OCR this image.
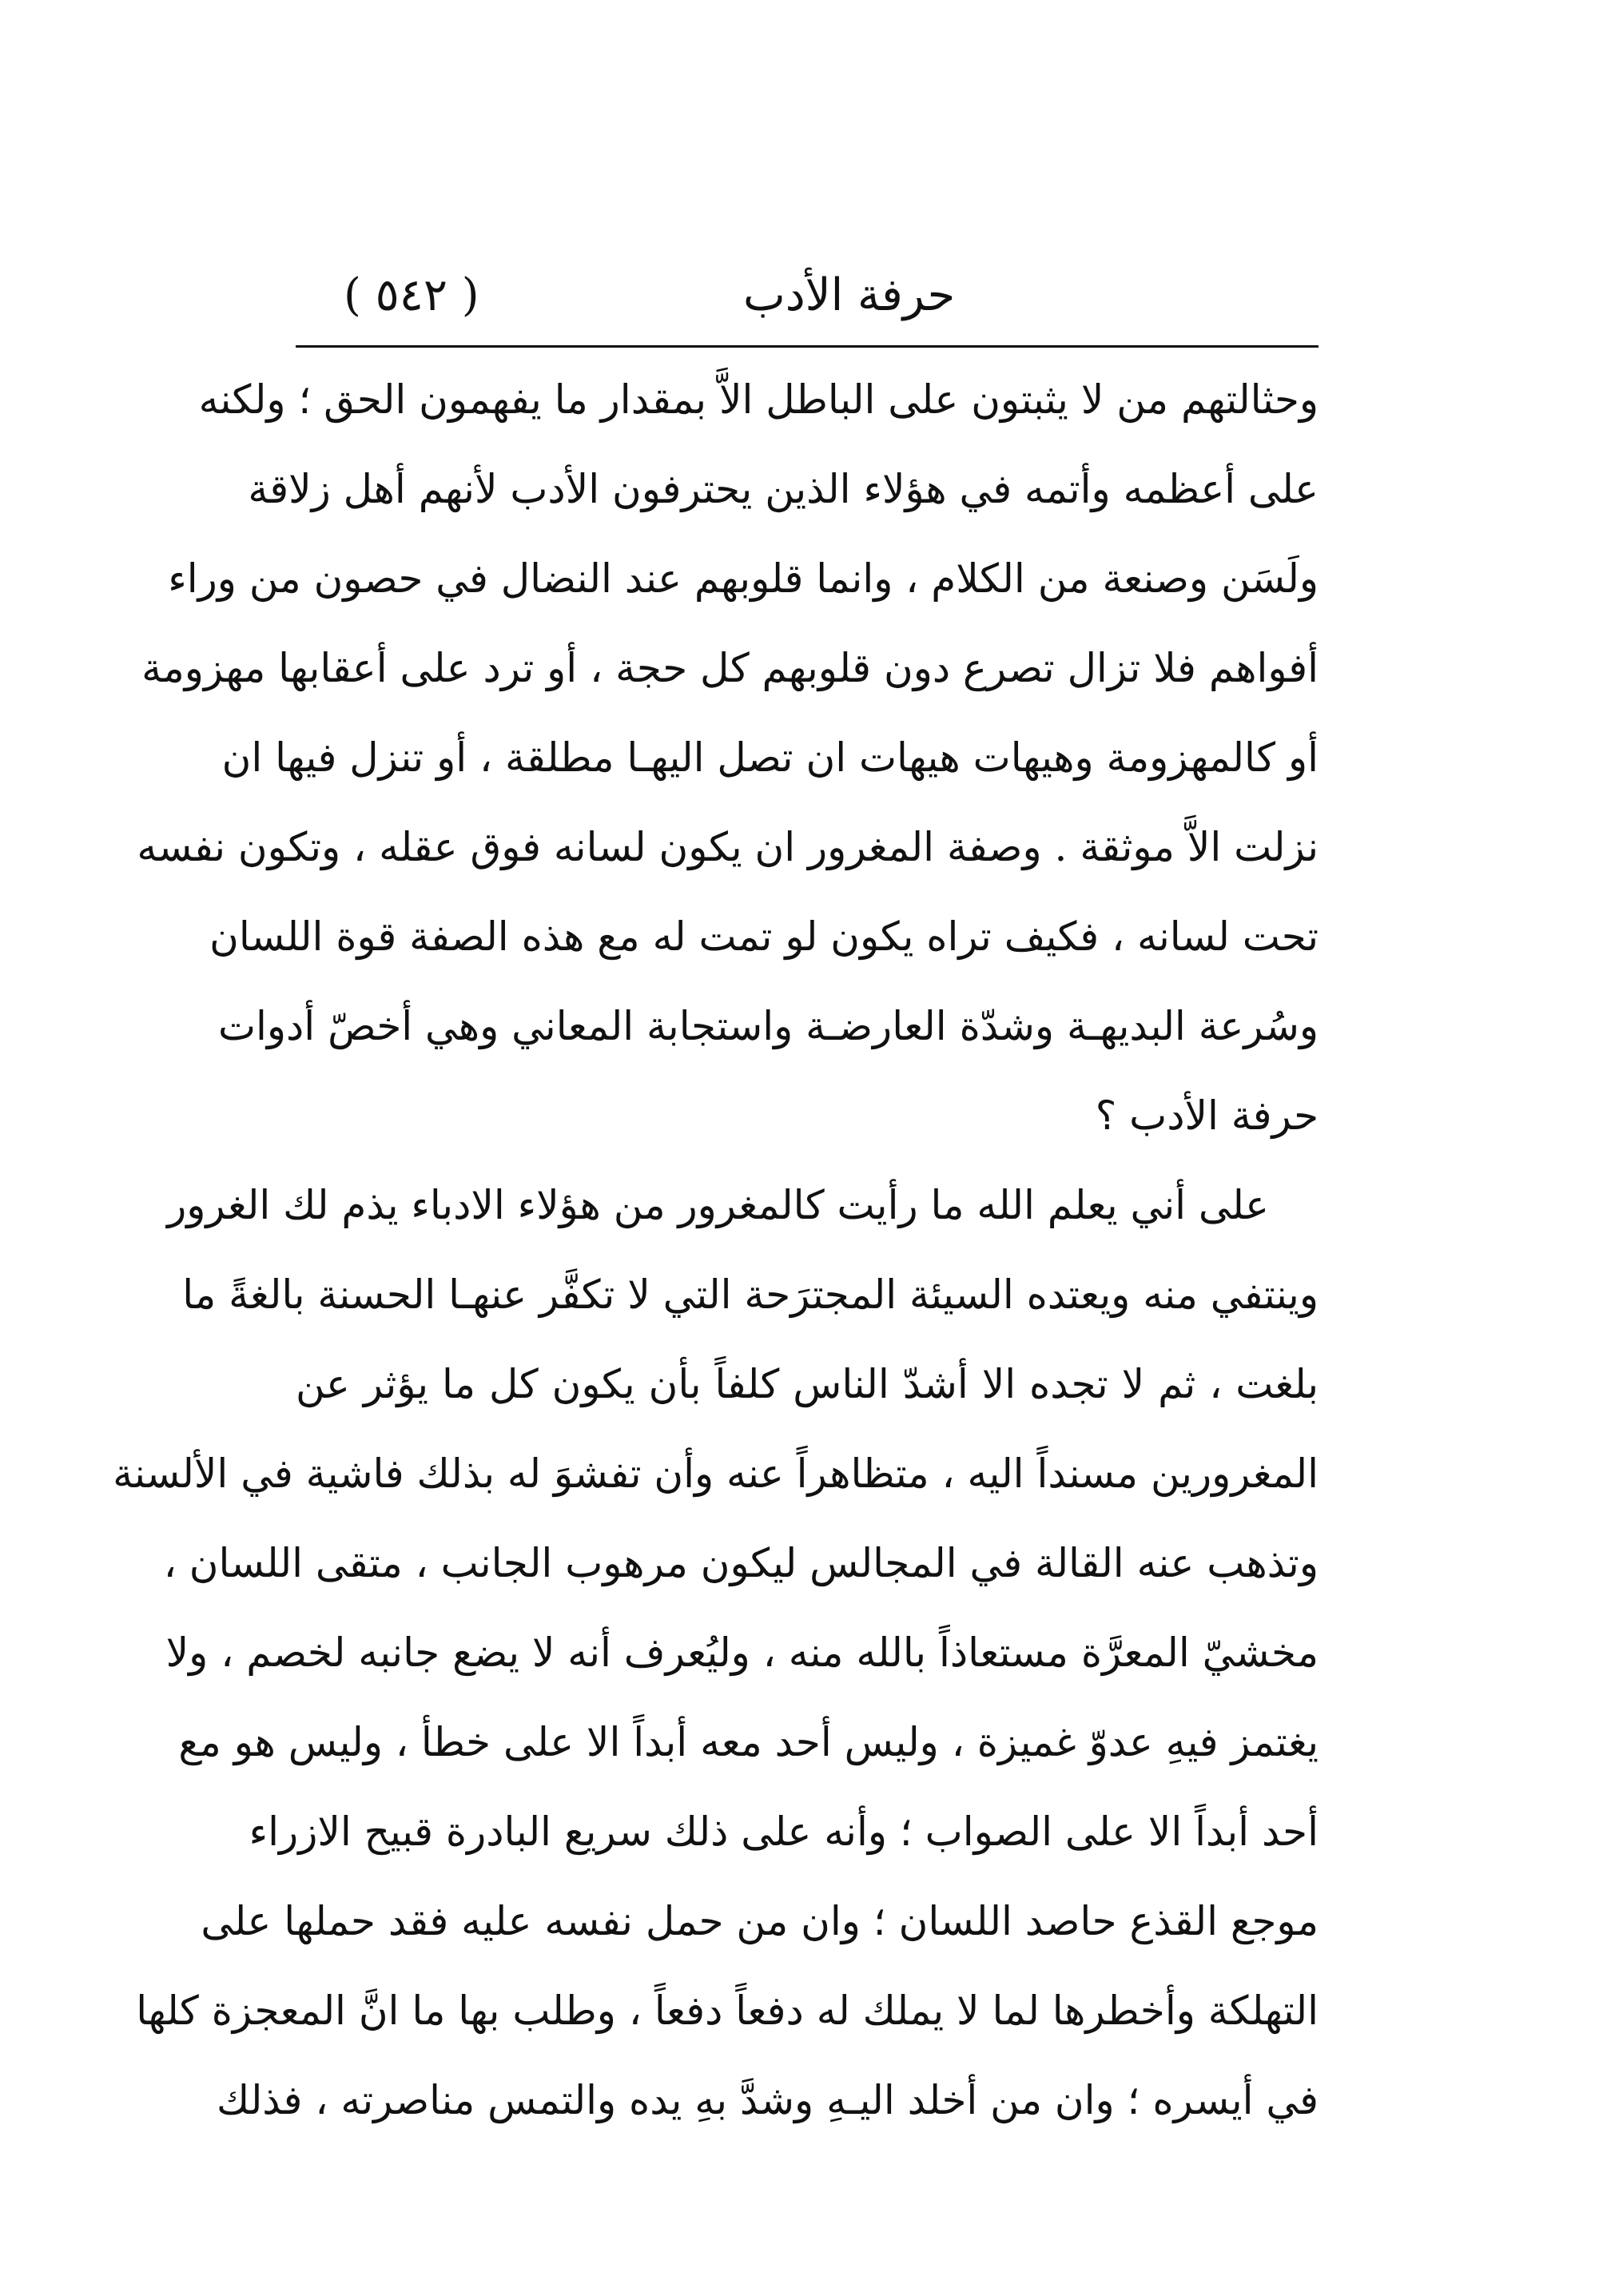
( ٥٤٢ )	حرفة الأدب
وحثالتهم من لا يثبتون على الباطل الاَّ بمقدار ما يفهمون الحق ؛ ولكنه
على أعظمه وأتمه في هؤلاء الذين يحترفون الأدب لأنهم أهل زلاقة
ولَسَن وصنعة من الكلام ، وانما قلوبهم عند النضال في حصون من وراء
أفواهم فلا تزال تصرع دون قلوبهم كل حجة ، أو ترد على أعقابها مهزومة
أو كالمهزومة وهيهات هيهات ان تصل اليهـا مطلقة ، أو تنزل فيها ان
نزلت الاَّ موثقة . وصفة المغرور ان يكون لسانه فوق عقله ، وتكون نفسه
تحت لسانه ، فكيف تراه يكون لو تمت له مع هذه الصفة قوة اللسان
وسُرعة البديهـة وشدّة العارضـة واستجابة المعاني وهي أخصّ أدوات
حرفة الأدب ؟
على أني يعلم الله ما رأيت كالمغرور من هؤلاء الادباء يذم لك الغرور
وينتفي منه ويعتده السيئة المجترَحة التي لا تكفَّر عنهـا الحسنة بالغةً ما
بلغت ، ثم لا تجده الا أشدّ الناس كلفاً بأن يكون كل ما يؤثر عن
المغرورين مسنداً اليه ، متظاهراً عنه وأن تفشوَ له بذلك فاشية في الألسنة
وتذهب عنه القالة في المجالس ليكون مرهوب الجانب ، متقى اللسان ،
مخشيّ المعرَّة مستعاذاً بالله منه ، وليُعرف أنه لا يضع جانبه لخصم ، ولا
يغتمز فيهِ عدوّ غميزة ، وليس أحد معه أبداً الا على خطأ ، وليس هو مع
أحد أبداً الا على الصواب ؛ وأنه على ذلك سريع البادرة قبيح الازراء
موجع القذع حاصد اللسان ؛ وان من حمل نفسه عليه فقد حملها على
التهلكة وأخطرها لما لا يملك له دفعاً دفعاً ، وطلب بها ما انَّ المعجزة كلها
في أيسره ؛ وان من أخلد اليـهِ وشدَّ بهِ يده والتمس مناصرته ، فذلك
